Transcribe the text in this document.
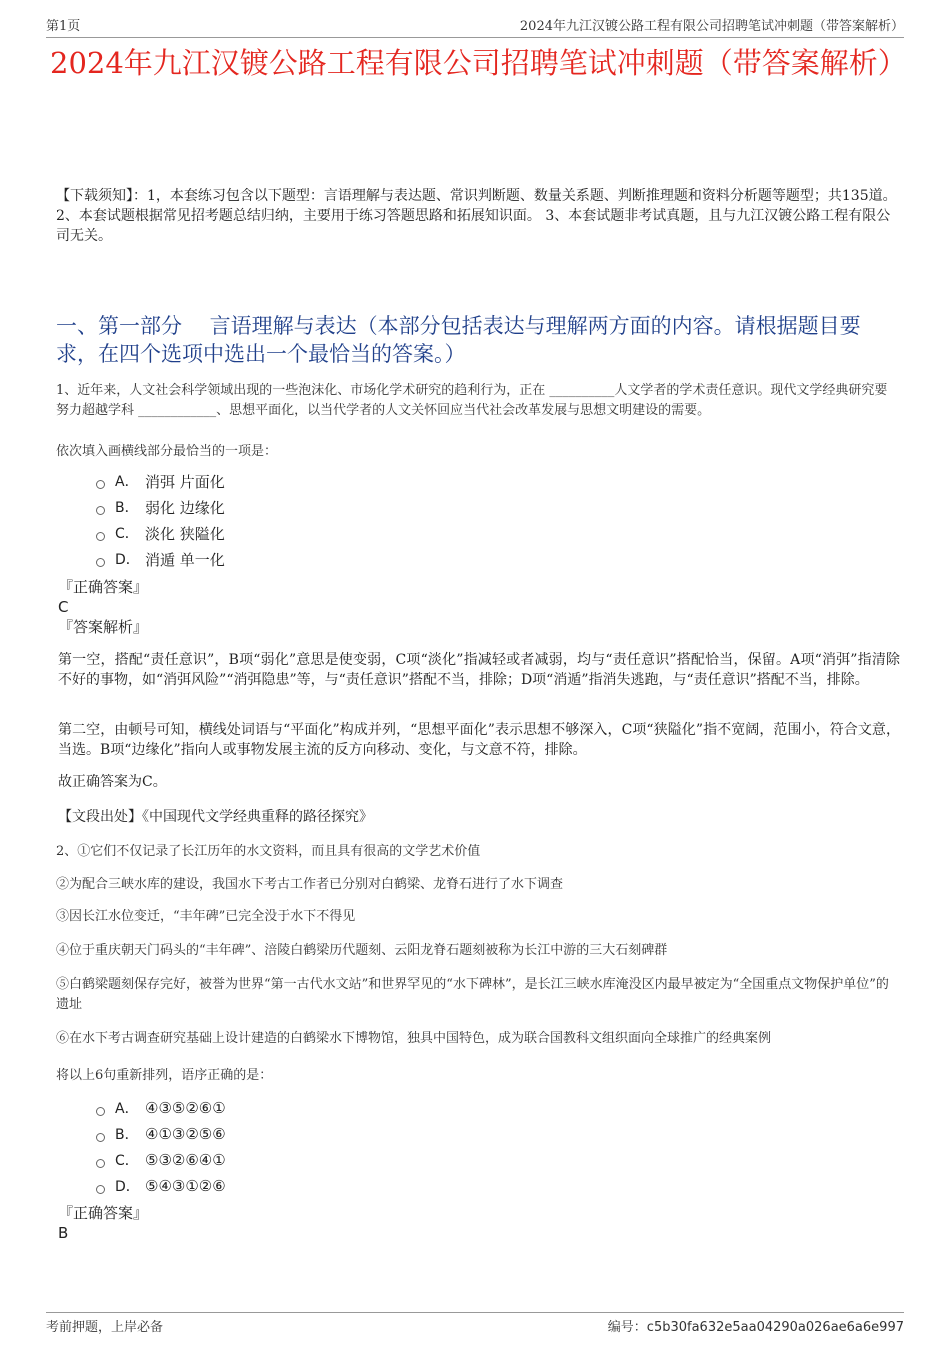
第1页	2024年九江汉镀公路工程有限公司招聘笔试冲刺题（带答案解析）
2024年九江汉镀公路工程有限公司招聘笔试冲刺题（带答案解析）
【下载须知】：1，本套练习包含以下题型：言语理解与表达题、常识判断题、数量关系题、判断推理题和资料分析题等题型；共135道。 2、本套试题根据常见招考题总结归纳，主要用于练习答题思路和拓展知识面。 3、本套试题非考试真题，且与九江汉镀公路工程有限公司无关。
一、第一部分　 言语理解与表达（本部分包括表达与理解两方面的内容。请根据题目要求，在四个选项中选出一个最恰当的答案。）
1、近年来，人文社会科学领域出现的一些泡沫化、市场化学术研究的趋利行为，正在 __________人文学者的学术责任意识。现代文学经典研究要努力超越学科 ____________、思想平面化，以当代学者的人文关怀回应当代社会改革发展与思想文明建设的需要。
依次填入画横线部分最恰当的一项是：
A． 消弭 片面化
B． 弱化 边缘化
C． 淡化 狭隘化
D． 消遁 单一化
『正确答案』
C
『答案解析』
第一空，搭配“责任意识”，B项“弱化”意思是使变弱，C项“淡化”指减轻或者减弱，均与“责任意识”搭配恰当，保留。A项“消弭”指清除不好的事物，如“消弭风险”“消弭隐患”等，与“责任意识”搭配不当，排除；D项“消遁”指消失逃跑，与“责任意识”搭配不当，排除。
第二空，由顿号可知，横线处词语与“平面化”构成并列，“思想平面化”表示思想不够深入，C项“狭隘化”指不宽阔，范围小，符合文意，当选。B项“边缘化”指向人或事物发展主流的反方向移动、变化，与文意不符，排除。
故正确答案为C。
【文段出处】《中国现代文学经典重释的路径探究》
2、①它们不仅记录了长江历年的水文资料，而且具有很高的文学艺术价值
②为配合三峡水库的建设，我国水下考古工作者已分别对白鹤梁、龙脊石进行了水下调查
③因长江水位变迁，“丰年碑”已完全没于水下不得见
④位于重庆朝天门码头的“丰年碑”、涪陵白鹤梁历代题刻、云阳龙脊石题刻被称为长江中游的三大石刻碑群
⑤白鹤梁题刻保存完好，被誉为世界“第一古代水文站”和世界罕见的“水下碑林”，是长江三峡水库淹没区内最早被定为“全国重点文物保护单位”的遗址
⑥在水下考古调查研究基础上设计建造的白鹤梁水下博物馆，独具中国特色，成为联合国教科文组织面向全球推广的经典案例
将以上6句重新排列，语序正确的是：
A． ④③⑤②⑥①
B． ④①③②⑤⑥
C． ⑤③②⑥④①
D． ⑤④③①②⑥
『正确答案』
B
考前押题，上岸必备	编号：c5b30fa632e5aa04290a026ae6a6e997
